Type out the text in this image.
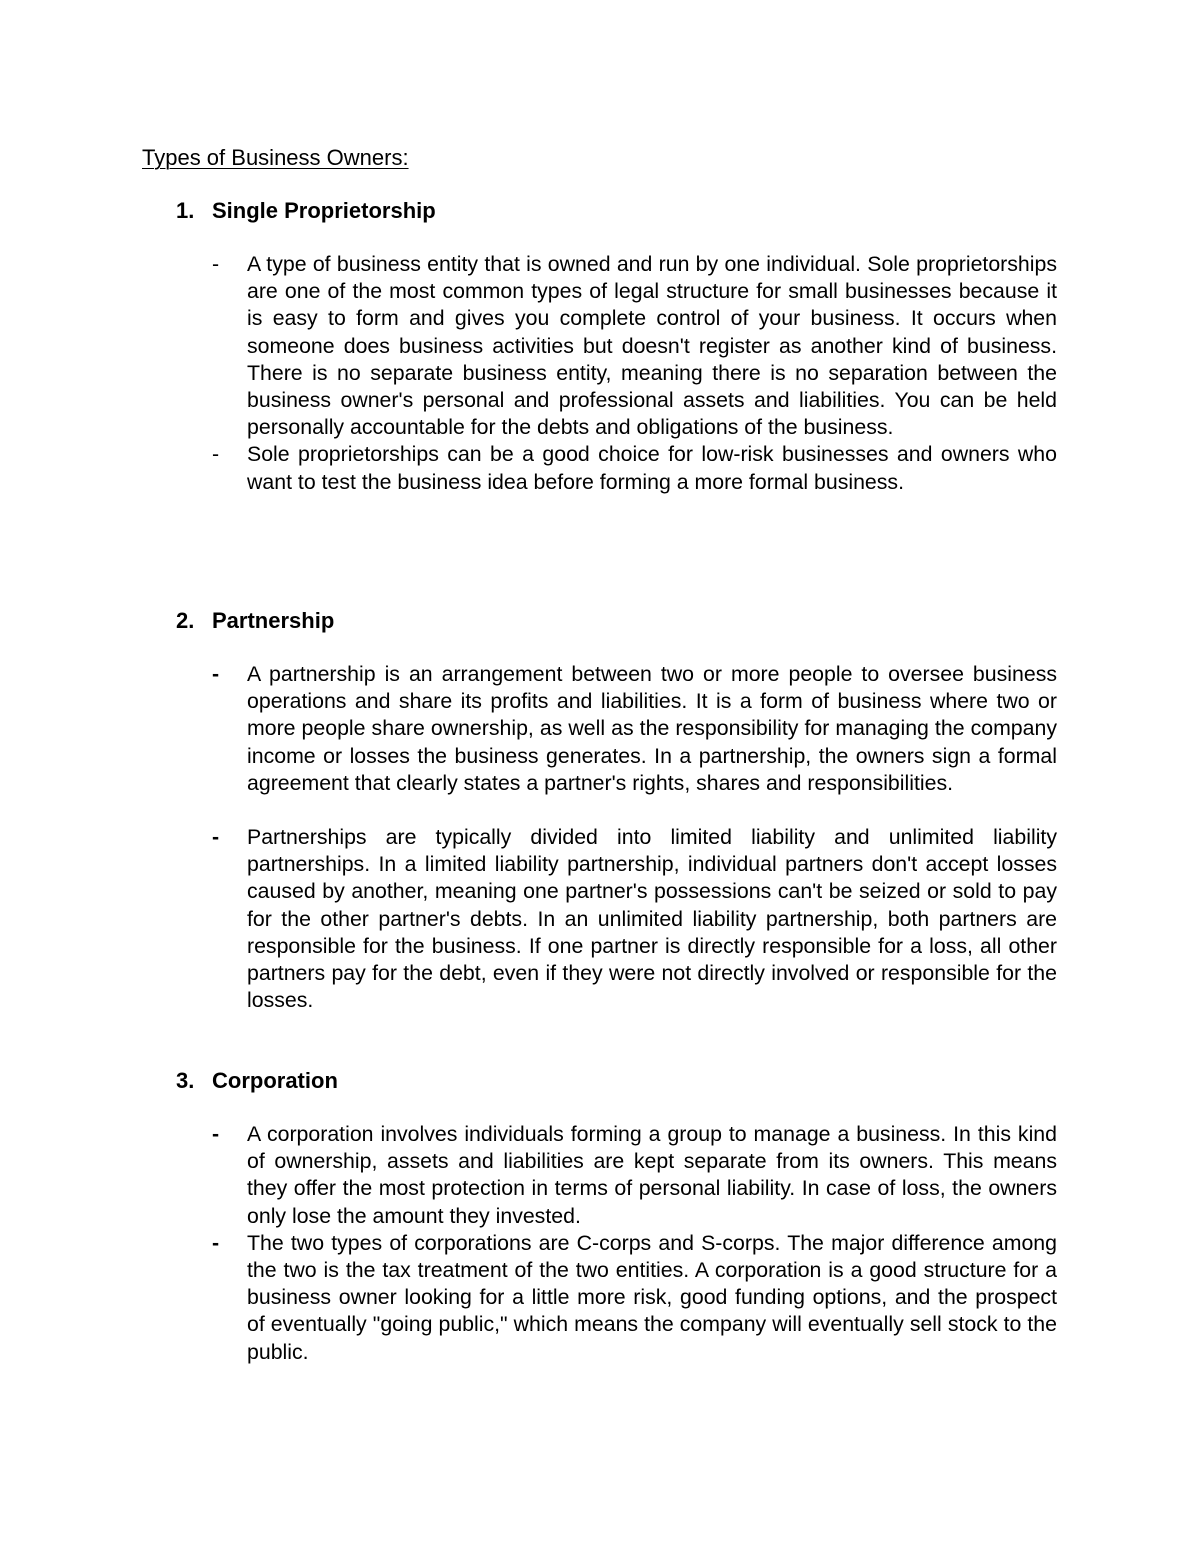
Types of Business Owners:
1. Single Proprietorship
-	A type of business entity that is owned and run by one individual. Sole proprietorships are one of the most common types of legal structure for small businesses because it is easy to form and gives you complete control of your business. It occurs when someone does business activities but doesn't register as another kind of business. There is no separate business entity, meaning there is no separation between the business owner's personal and professional assets and liabilities. You can be held personally accountable for the debts and obligations of the business.
-	Sole proprietorships can be a good choice for low-risk businesses and owners who want to test the business idea before forming a more formal business.
2. Partnership
-	A partnership is an arrangement between two or more people to oversee business operations and share its profits and liabilities. It is a form of business where two or more people share ownership, as well as the responsibility for managing the company income or losses the business generates. In a partnership, the owners sign a formal agreement that clearly states a partner's rights, shares and responsibilities.
-	Partnerships are typically divided into limited liability and unlimited liability partnerships. In a limited liability partnership, individual partners don't accept losses caused by another, meaning one partner's possessions can't be seized or sold to pay for the other partner's debts. In an unlimited liability partnership, both partners are responsible for the business. If one partner is directly responsible for a loss, all other partners pay for the debt, even if they were not directly involved or responsible for the losses.
3. Corporation
-	A corporation involves individuals forming a group to manage a business. In this kind of ownership, assets and liabilities are kept separate from its owners. This means they offer the most protection in terms of personal liability. In case of loss, the owners only lose the amount they invested.
-	The two types of corporations are C-corps and S-corps. The major difference among the two is the tax treatment of the two entities. A corporation is a good structure for a business owner looking for a little more risk, good funding options, and the prospect of eventually "going public," which means the company will eventually sell stock to the public.
